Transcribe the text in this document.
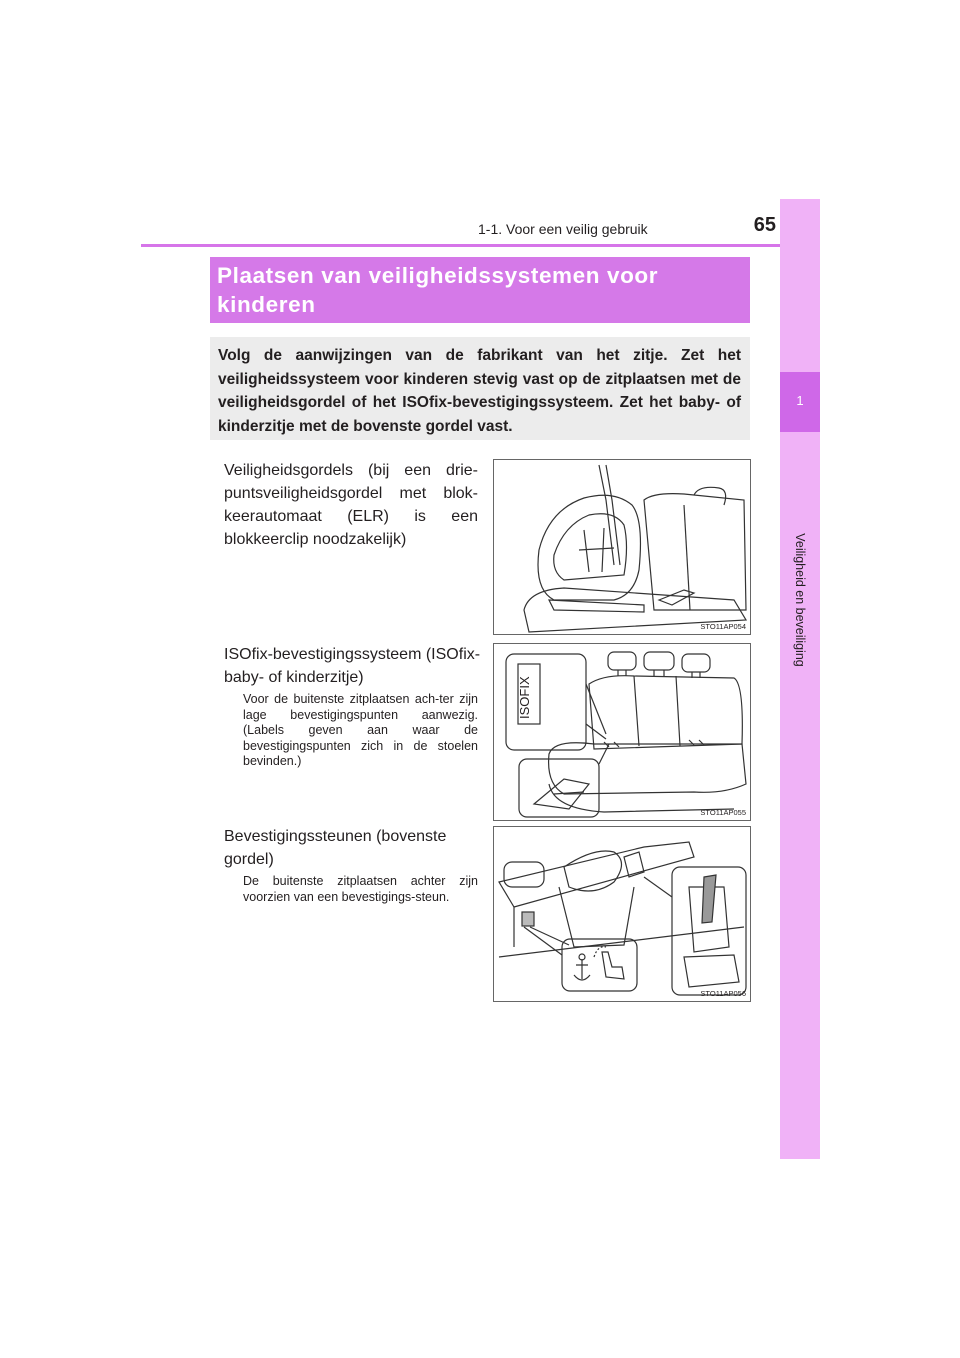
1-1. Voor een veilig gebruik	65
1
Veiligheid en beveiliging
Plaatsen van veiligheidssystemen voor kinderen
Volg de aanwijzingen van de fabrikant van het zitje. Zet het veiligheidssysteem voor kinderen stevig vast op de zitplaatsen met de veiligheidsgordel of het ISOfix-bevestigingssysteem. Zet het baby- of kinderzitje met de bovenste gordel vast.
Veiligheidsgordels (bij een drie-puntsveiligheidsgordel met blok-keerautomaat (ELR) is een blokkeerclip noodzakelijk)
STO11AP054
ISOfix-bevestigingssysteem (ISOfix-baby- of kinderzitje)
Voor de buitenste zitplaatsen ach-ter zijn lage bevestigingspunten aanwezig. (Labels geven aan waar de bevestigingspunten zich in de stoelen bevinden.)
ISOFIX
STO11AP055
Bevestigingssteunen (bovenste gordel)
De buitenste zitplaatsen achter zijn voorzien van een bevestigings-steun.
STO11AP056
